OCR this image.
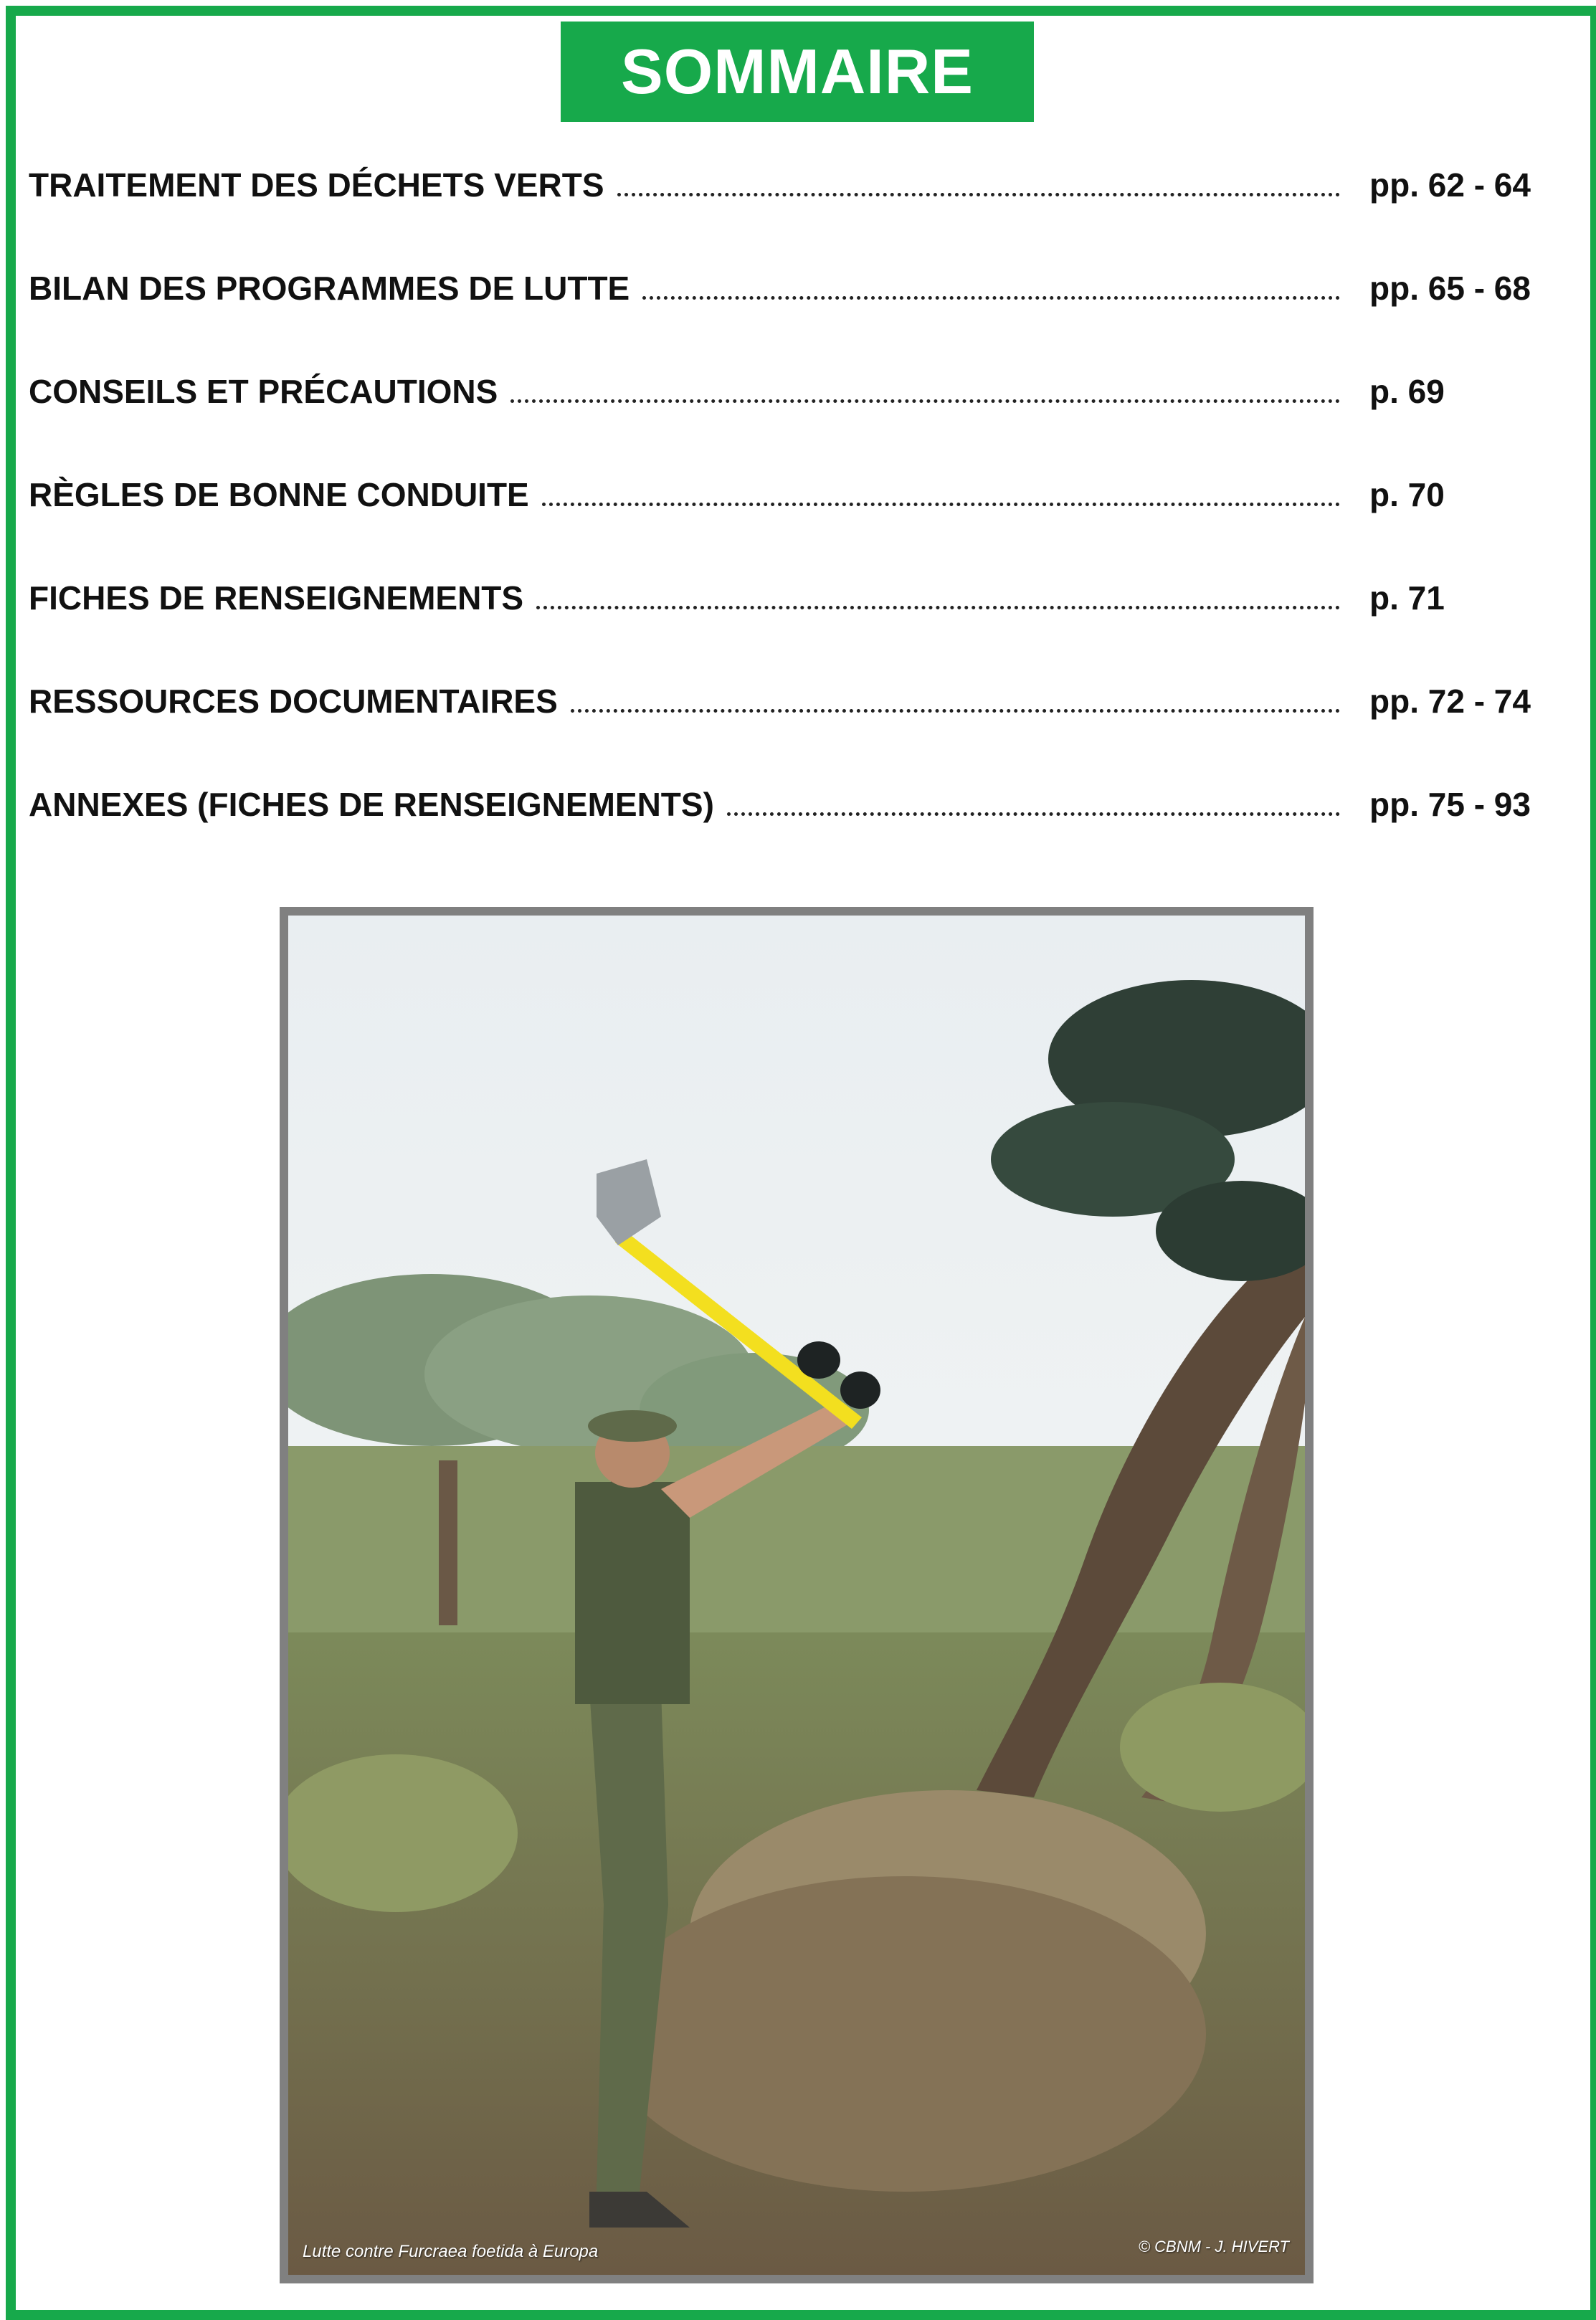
SOMMAIRE
TRAITEMENT DES DÉCHETS VERTS	pp. 62 - 64
BILAN DES PROGRAMMES DE LUTTE	pp. 65 - 68
CONSEILS ET PRÉCAUTIONS	p. 69
RÈGLES DE BONNE CONDUITE	p. 70
FICHES DE RENSEIGNEMENTS	p. 71
RESSOURCES DOCUMENTAIRES	pp. 72 - 74
ANNEXES (FICHES DE RENSEIGNEMENTS)	pp. 75 - 93
Lutte contre Furcraea foetida à Europa	© CBNM - J. HIVERT
